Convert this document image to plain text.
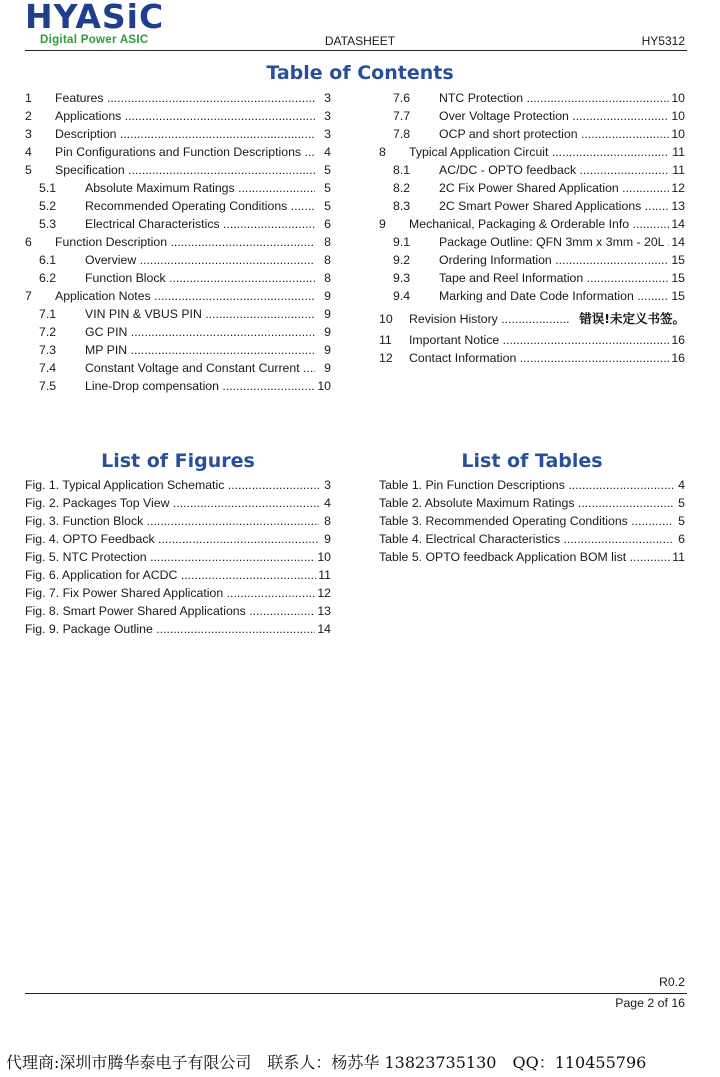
HYASiC
Digital Power ASIC	DATASHEET	HY5312
Table of Contents
1 Features .....	3
2 Applications .....	3
3 Description .....	3
4 Pin Configurations and Function Descriptions .....	4
5 Specification .....	5
5.1 Absolute Maximum Ratings .....	5
5.2 Recommended Operating Conditions .....	5
5.3 Electrical Characteristics .....	6
6 Function Description .....	8
6.1 Overview .....	8
6.2 Function Block .....	8
7 Application Notes .....	9
7.1 VIN PIN & VBUS PIN .....	9
7.2 GC PIN .....	9
7.3 MP PIN .....	9
7.4 Constant Voltage and Constant Current .....	9
7.5 Line-Drop compensation .....	10
7.6 NTC Protection .....	10
7.7 Over Voltage Protection .....	10
7.8 OCP and short protection .....	10
8 Typical Application Circuit .....	11
8.1 AC/DC - OPTO feedback .....	11
8.2 2C Fix Power Shared Application .....	12
8.3 2C Smart Power Shared Applications .....	13
9 Mechanical, Packaging & Orderable Info .....	14
9.1 Package Outline: QFN 3mm x 3mm - 20L ..... 14
9.2 Ordering Information .....	15
9.3 Tape and Reel Information .....	15
9.4 Marking and Date Code Information .....	15
10 Revision History .....	错误!未定义书签。
11 Important Notice .....	16
12 Contact Information .....	16
List of Figures
Fig. 1. Typical Application Schematic .....	3
Fig. 2. Packages Top View .....	4
Fig. 3. Function Block .....	8
Fig. 4. OPTO Feedback .....	9
Fig. 5. NTC Protection .....	10
Fig. 6. Application for ACDC .....	11
Fig. 7. Fix Power Shared Application .....	12
Fig. 8. Smart Power Shared Applications .....	13
Fig. 9. Package Outline .....	14
List of Tables
Table 1. Pin Function Descriptions .....	4
Table 2. Absolute Maximum Ratings .....	5
Table 3. Recommended Operating Conditions .....	5
Table 4. Electrical Characteristics .....	6
Table 5. OPTO feedback Application BOM list .....	11
R0.2
Page 2 of 16
代理商:深圳市腾华泰电子有限公司　联系人：杨苏华 13823735130　QQ：110455796
